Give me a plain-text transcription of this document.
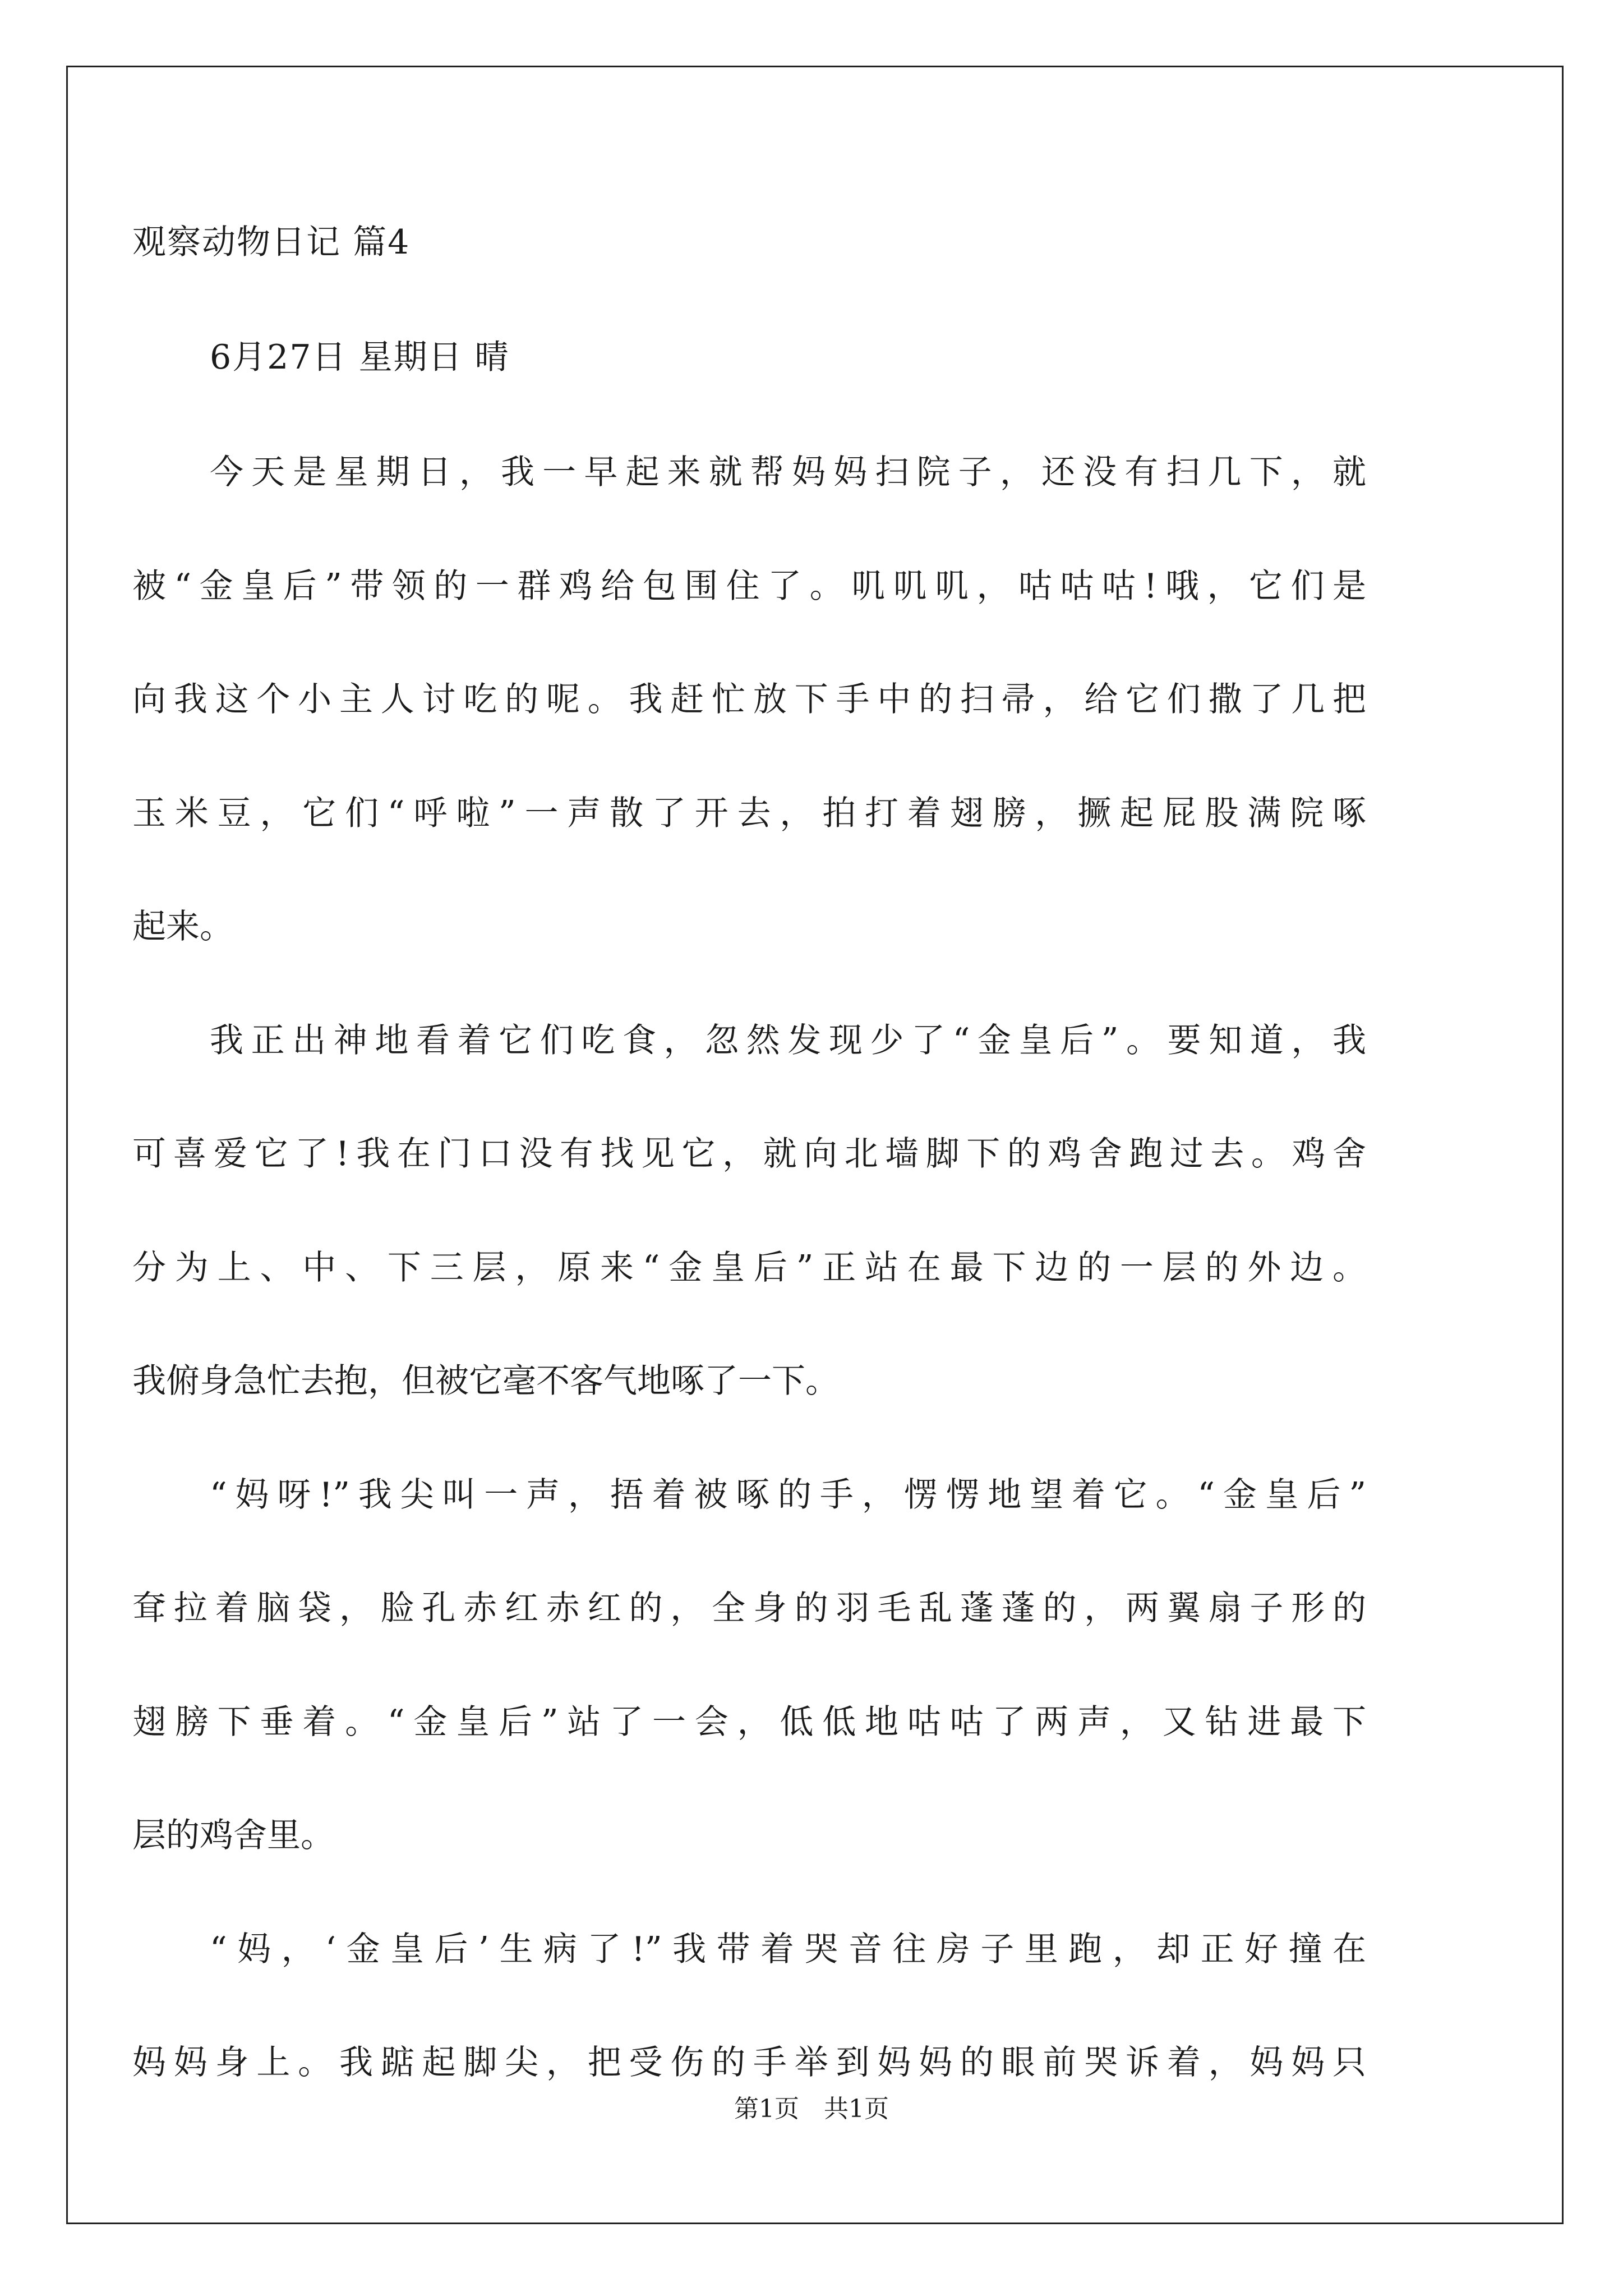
观察动物日记 篇4
6月27日 星期日 晴
今天是星期日，我一早起来就帮妈妈扫院子，还没有扫几下，就
被“金皇后”带领的一群鸡给包围住了。叽叽叽，咕咕咕!哦，它们是
向我这个小主人讨吃的呢。我赶忙放下手中的扫帚，给它们撒了几把
玉米豆，它们“呼啦”一声散了开去，拍打着翅膀，撅起屁股满院啄
起来。
我正出神地看着它们吃食，忽然发现少了“金皇后”。要知道，我
可喜爱它了!我在门口没有找见它，就向北墙脚下的鸡舍跑过去。鸡舍
分为上、中、下三层，原来“金皇后”正站在最下边的一层的外边。
我俯身急忙去抱，但被它毫不客气地啄了一下。
“妈呀!”我尖叫一声，捂着被啄的手，愣愣地望着它。“金皇后”
耷拉着脑袋，脸孔赤红赤红的，全身的羽毛乱蓬蓬的，两翼扇子形的
翅膀下垂着。“金皇后”站了一会，低低地咕咕了两声，又钻进最下
层的鸡舍里。
“妈，‘金皇后’生病了!”我带着哭音往房子里跑，却正好撞在
妈妈身上。我踮起脚尖，把受伤的手举到妈妈的眼前哭诉着，妈妈只
第1页　共1页
